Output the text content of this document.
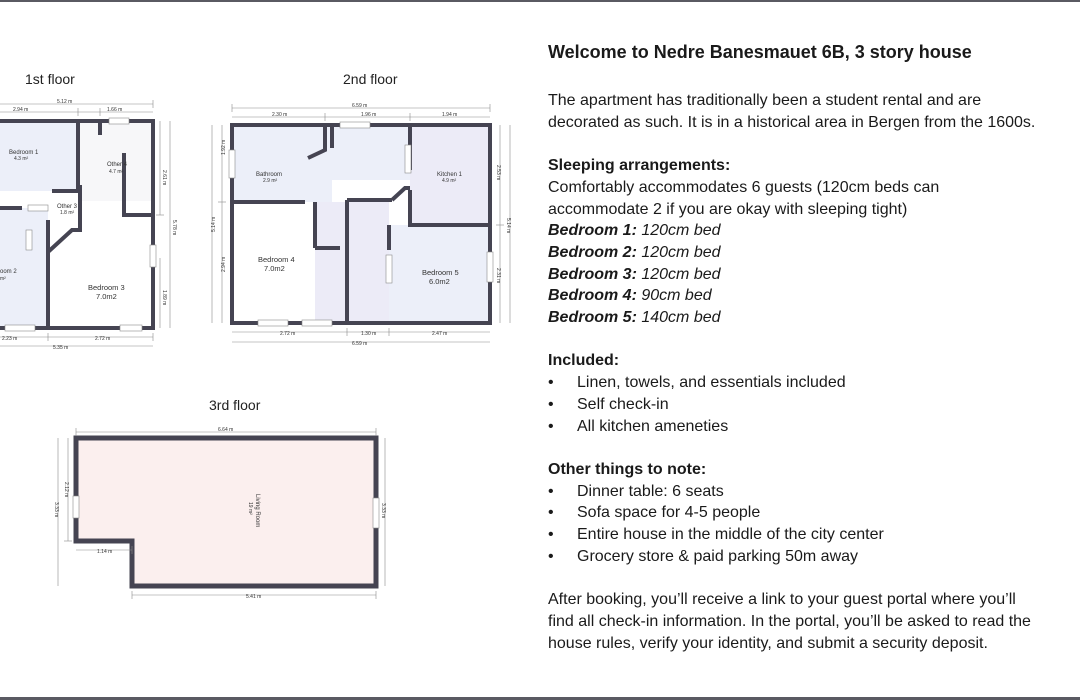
1st floor
5.12 m
2.94 m	1.66 m
2.61 m
5.78 m
1.89 m
2.23 m	2.72 m
5.35 m
Bedroom 1
4.3 m²
Other 4
4.7 m²
Other 3
1.8 m²
oom 2
m²
Bedroom 3
7.0m2
2nd floor
6.59 m
2.30 m	1.96 m	1.94 m
1.92 m
5.14 m
2.94 m
2.53 m
2.31 m
5.14 m
2.72 m	1.30 m	2.47 m
6.59 m
Bathroom
2.9 m²
Kitchen 1
4.9 m²
Bedroom 4
7.0m2	Bedroom 5
6.0m2
3rd floor
6.64 m
2.12 m
3.33 m	3.33 m
1.14 m
5.41 m
Living Room
19 m²
Welcome to Nedre Banesmauet 6B, 3 story house

The apartment has traditionally been a student rental and are

decorated as such. It is in a historical area in Bergen from the 1600s.

Sleeping arrangements:

Comfortably accommodates 6 guests (120cm beds can

accommodate 2 if you are okay with sleeping tight)

Bedroom 1: 120cm bed

Bedroom 2: 120cm bed

Bedroom 3: 120cm bed

Bedroom 4: 90cm bed

Bedroom 5: 140cm bed

Included:
• Linen, towels, and essentials included
• Self check-in
• All kitchen ameneties
Other things to note:
• Dinner table: 6 seats
• Sofa space for 4-5 people
• Entire house in the middle of the city center
• Grocery store & paid parking 50m away

After booking, you’ll receive a link to your guest portal where you’ll

find all check-in information. In the portal, you’ll be asked to read the

house rules, verify your identity, and submit a security deposit.
